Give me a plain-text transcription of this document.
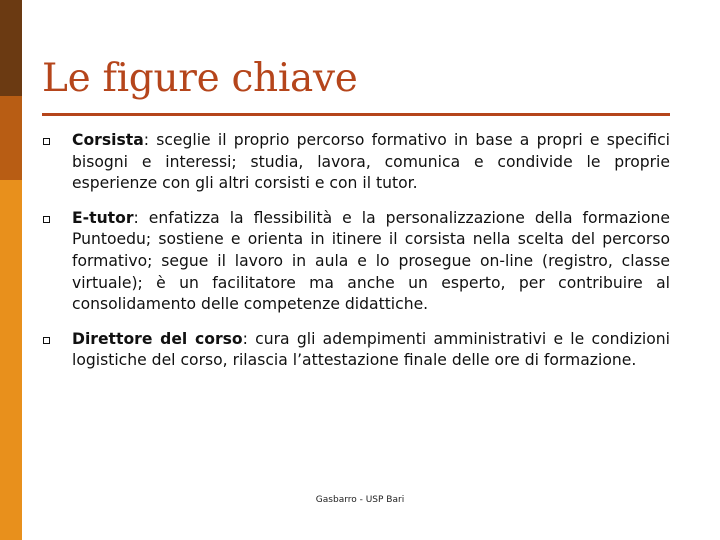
Le figure chiave
Corsista: sceglie il proprio percorso formativo in base a propri e specifici bisogni e interessi; studia, lavora, comunica e condivide le proprie esperienze con gli altri corsisti e con il tutor.
E-tutor: enfatizza la flessibilità e la personalizzazione della formazione Puntoedu; sostiene e orienta in itinere il corsista nella scelta del percorso formativo; segue il lavoro in aula e lo prosegue on-line (registro, classe virtuale); è un facilitatore ma anche un esperto, per contribuire al consolidamento delle competenze didattiche.
Direttore del corso: cura gli adempimenti amministrativi e le condizioni logistiche del corso, rilascia l’attestazione finale delle ore di formazione.
Gasbarro - USP Bari
